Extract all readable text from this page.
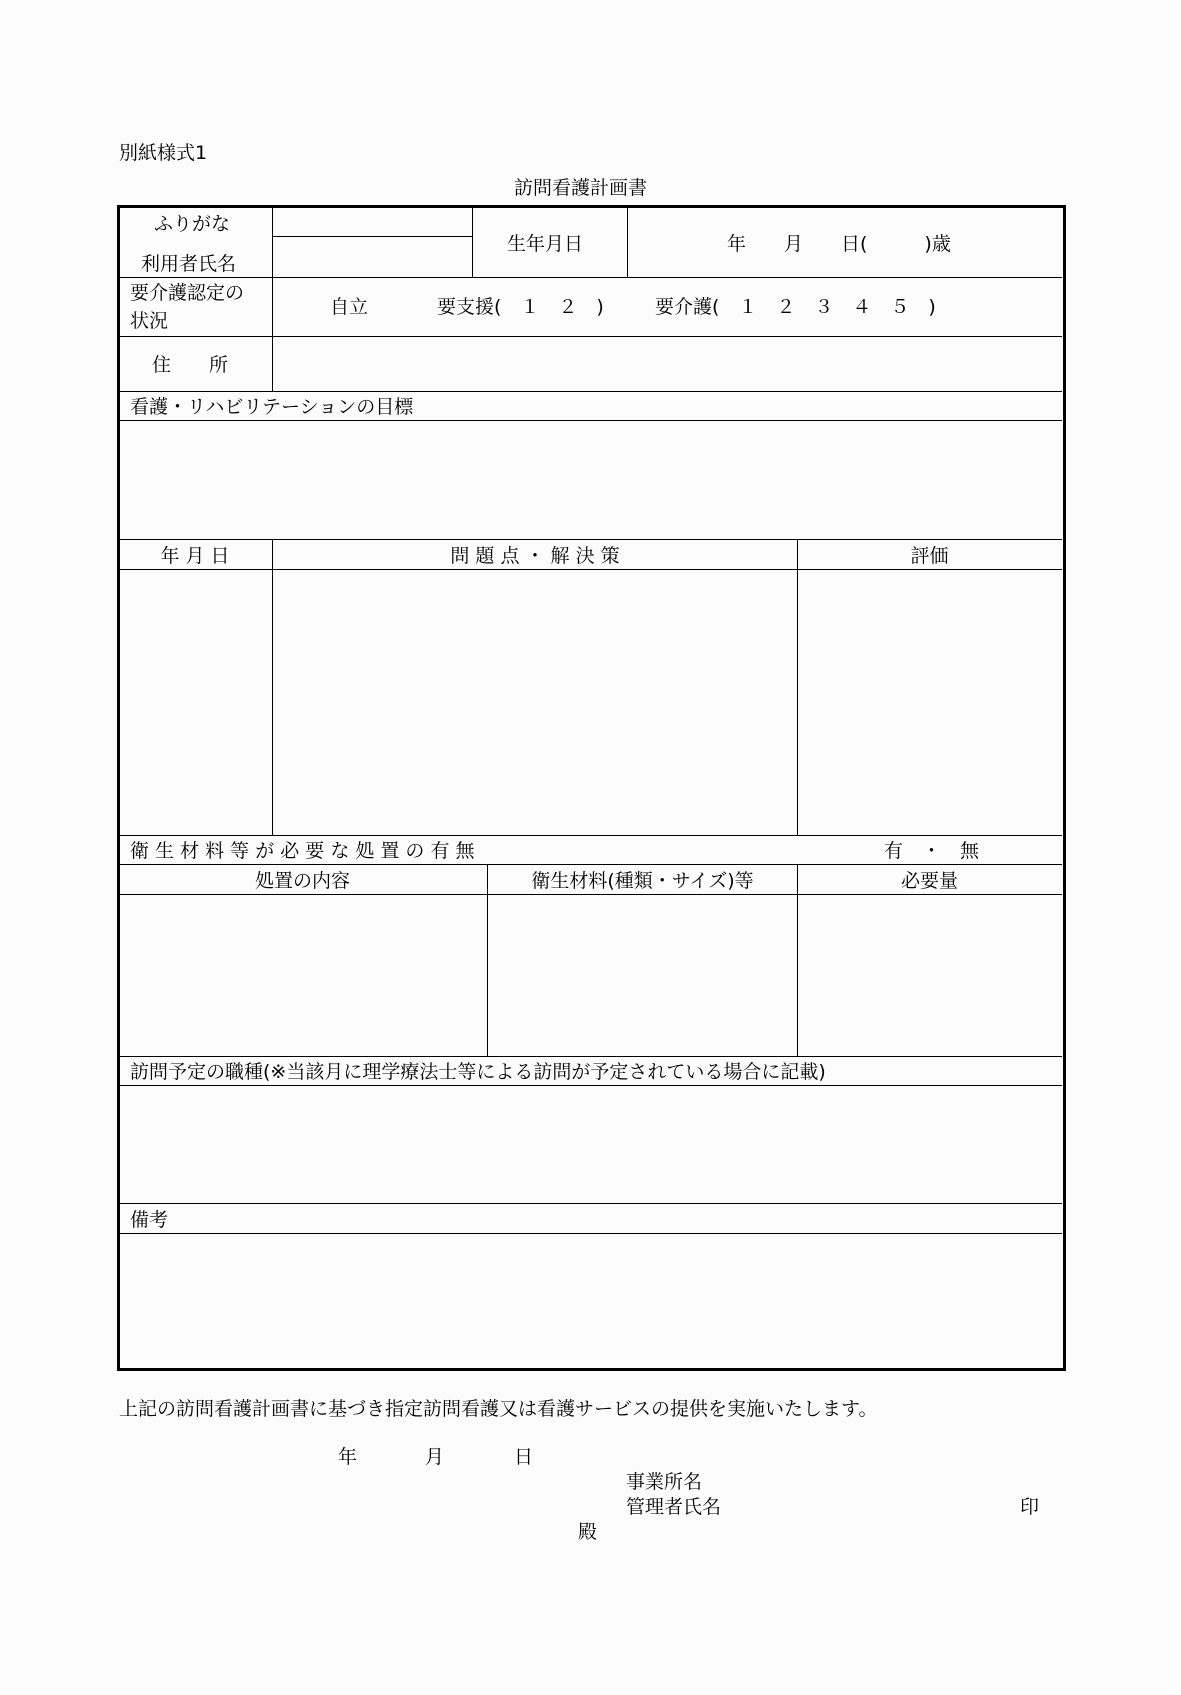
別紙様式1
訪問看護計画書
ふりがな
利用者氏名
生年月日	年　　月　　日(　　　)歳
要介護認定の
状況
自立	要支援(　１　２　)	要介護(　１　２　３　４　５　)
住　　所
看護・リハビリテーションの目標
年 月 日	問 題 点 ・ 解 決 策	評価
衛 生 材 料 等 が 必 要 な 処 置 の 有 無	有　・　無
処置の内容	衛生材料(種類・サイズ)等	必要量
訪問予定の職種(※当該月に理学療法士等による訪問が予定されている場合に記載)
備考
上記の訪問看護計画書に基づき指定訪問看護又は看護サービスの提供を実施いたします。
年	月	日
事業所名
管理者氏名	印
殿
